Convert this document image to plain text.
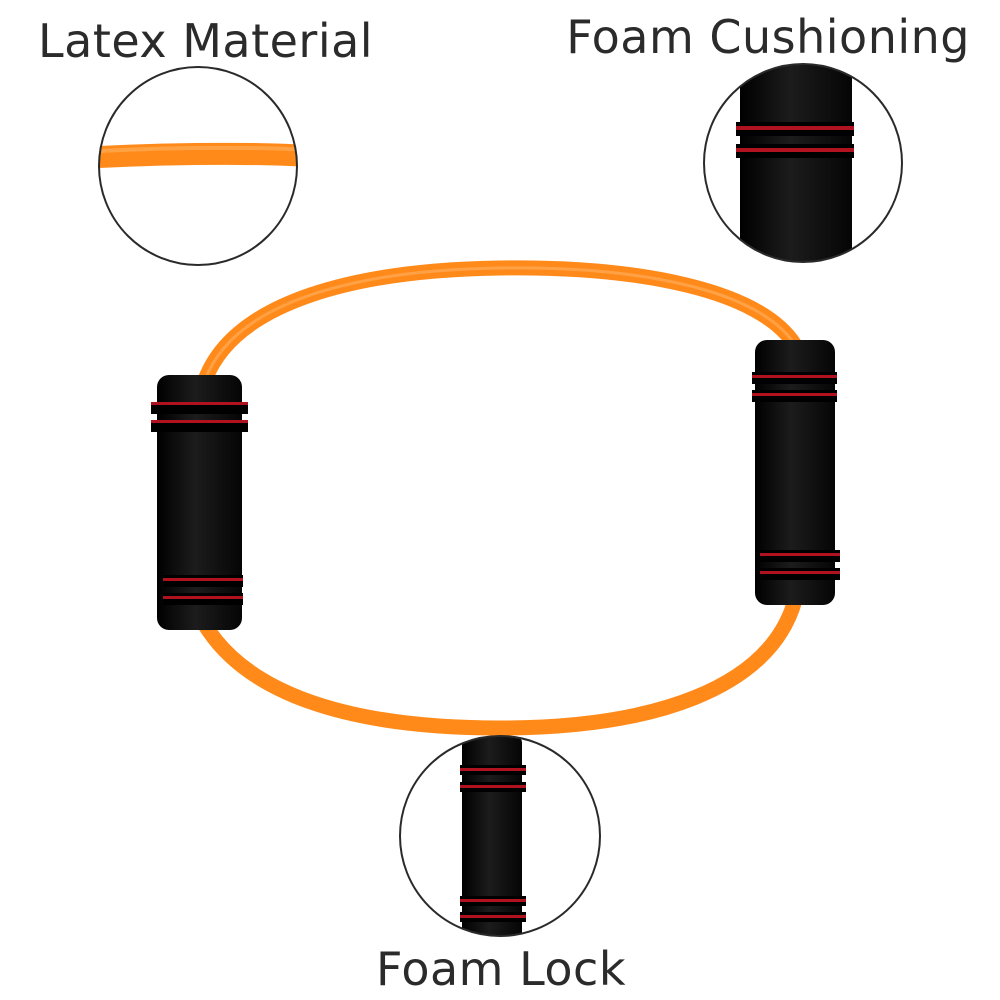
Latex Material	Foam Cushioning
Foam Lock
